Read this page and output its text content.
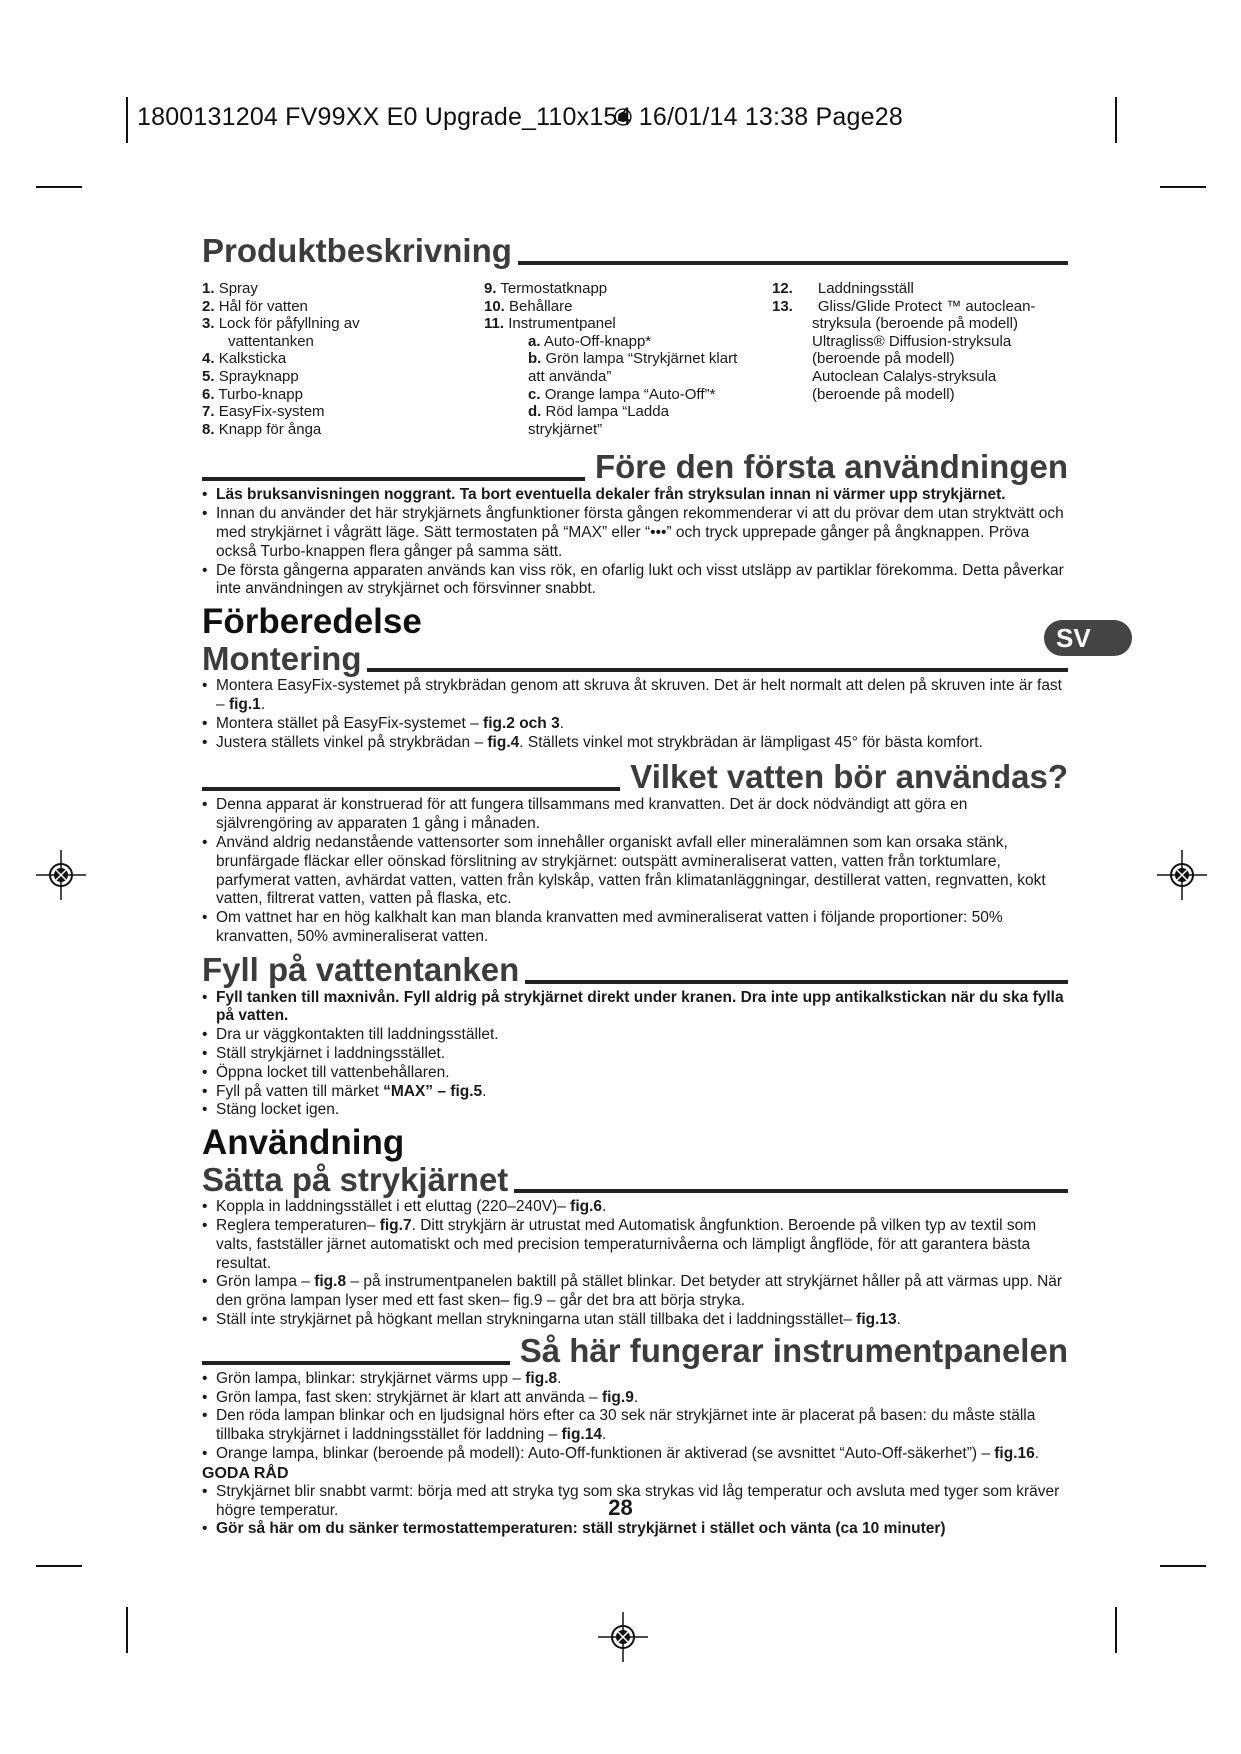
1800131204 FV99XX E0 Upgrade_110x154 16/01/14 13:38 Page28
SV
Produktbeskrivning
1. Spray
2. Hål för vatten
3. Lock för påfyllning av
vattentanken
4. Kalksticka
5. Sprayknapp
6. Turbo-knapp
7. EasyFix-system
8. Knapp för ånga
9. Termostatknapp
10. Behållare
11. Instrumentpanel
a. Auto-Off-knapp*
b. Grön lampa “Strykjärnet klart
att använda”
c. Orange lampa “Auto-Off”*
d. Röd lampa “Ladda
strykjärnet”
12. Laddningsställ
13. Gliss/Glide Protect ™ autoclean-
stryksula (beroende på modell)
Ultragliss® Diffusion-stryksula
(beroende på modell)
Autoclean Calalys-stryksula
(beroende på modell)
Före den första användningen
• Läs bruksanvisningen noggrant. Ta bort eventuella dekaler från stryksulan innan ni värmer upp strykjärnet.
• Innan du använder det här strykjärnets ångfunktioner första gången rekommenderar vi att du prövar dem utan stryktvätt och med strykjärnet i vågrätt läge. Sätt termostaten på “MAX” eller “•••” och tryck upprepade gånger på ångknappen. Pröva också Turbo-knappen flera gånger på samma sätt.
• De första gångerna apparaten används kan viss rök, en ofarlig lukt och visst utsläpp av partiklar förekomma. Detta påverkar inte användningen av strykjärnet och försvinner snabbt.
Förberedelse
Montering
• Montera EasyFix-systemet på strykbrädan genom att skruva åt skruven. Det är helt normalt att delen på skruven inte är fast – fig.1.
• Montera stället på EasyFix-systemet – fig.2 och 3.
• Justera ställets vinkel på strykbrädan – fig.4. Ställets vinkel mot strykbrädan är lämpligast 45° för bästa komfort.
Vilket vatten bör användas?
• Denna apparat är konstruerad för att fungera tillsammans med kranvatten. Det är dock nödvändigt att göra en självrengöring av apparaten 1 gång i månaden.
• Använd aldrig nedanstående vattensorter som innehåller organiskt avfall eller mineralämnen som kan orsaka stänk, brunfärgade fläckar eller oönskad förslitning av strykjärnet: outspätt avmineraliserat vatten, vatten från torktumlare, parfymerat vatten, avhärdat vatten, vatten från kylskåp, vatten från klimatanläggningar, destillerat vatten, regnvatten, kokt vatten, filtrerat vatten, vatten på flaska, etc.
• Om vattnet har en hög kalkhalt kan man blanda kranvatten med avmineraliserat vatten i följande proportioner: 50% kranvatten, 50% avmineraliserat vatten.
Fyll på vattentanken
• Fyll tanken till maxnivån. Fyll aldrig på strykjärnet direkt under kranen. Dra inte upp antikalkstickan när du ska fylla på vatten.
• Dra ur väggkontakten till laddningsstället.
• Ställ strykjärnet i laddningsstället.
• Öppna locket till vattenbehållaren.
• Fyll på vatten till märket “MAX” – fig.5.
• Stäng locket igen.
Användning
Sätta på strykjärnet
• Koppla in laddningsstället i ett eluttag (220–240V)– fig.6.
• Reglera temperaturen– fig.7. Ditt strykjärn är utrustat med Automatisk ångfunktion. Beroende på vilken typ av textil som valts, fastställer järnet automatiskt och med precision temperaturnivåerna och lämpligt ångflöde, för att garantera bästa resultat.
• Grön lampa – fig.8 – på instrumentpanelen baktill på stället blinkar. Det betyder att strykjärnet håller på att värmas upp. När den gröna lampan lyser med ett fast sken– fig.9 – går det bra att börja stryka.
• Ställ inte strykjärnet på högkant mellan strykningarna utan ställ tillbaka det i laddningsstället– fig.13.
Så här fungerar instrumentpanelen
• Grön lampa, blinkar: strykjärnet värms upp – fig.8.
• Grön lampa, fast sken: strykjärnet är klart att använda – fig.9.
• Den röda lampan blinkar och en ljudsignal hörs efter ca 30 sek när strykjärnet inte är placerat på basen: du måste ställa tillbaka strykjärnet i laddningsstället för laddning – fig.14.
• Orange lampa, blinkar (beroende på modell): Auto-Off-funktionen är aktiverad (se avsnittet “Auto-Off-säkerhet”) – fig.16.
GODA RÅD
• Strykjärnet blir snabbt varmt: börja med att stryka tyg som ska strykas vid låg temperatur och avsluta med tyger som kräver högre temperatur.
• Gör så här om du sänker termostattemperaturen: ställ strykjärnet i stället och vänta (ca 10 minuter)
28
